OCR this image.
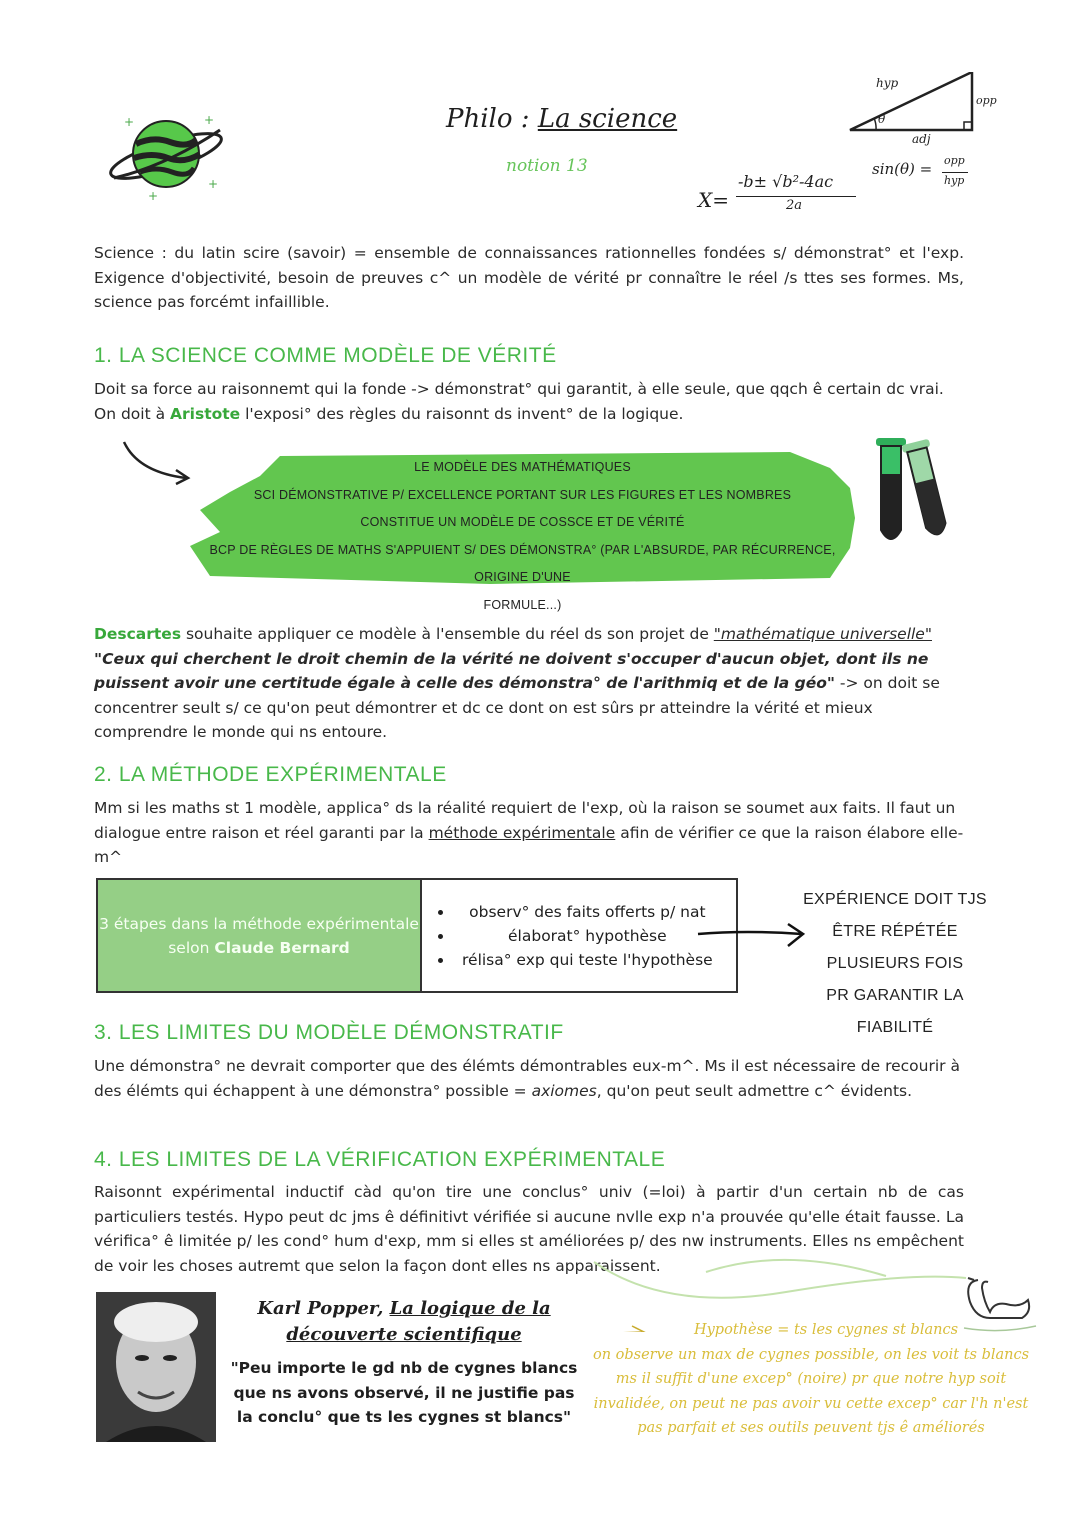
+	+
+
+
Philo : La science
notion 13
hyp
opp
adj
θ
sin(θ) = opp
hyp
X=
-b± √b²-4ac
2a
Science : du latin scire (savoir) = ensemble de connaissances rationnelles fondées s/ démonstrat° et l'exp. Exigence d'objectivité, besoin de preuves c^ un modèle de vérité pr connaître le réel /s ttes ses formes. Ms, science pas forcémt infaillible.
1. LA SCIENCE COMME MODÈLE DE VÉRITÉ
Doit sa force au raisonnemt qui la fonde -> démonstrat° qui garantit, à elle seule, que qqch ê certain dc vrai. On doit à Aristote l'exposi° des règles du raisonnt ds invent° de la logique.
LE MODÈLE DES MATHÉMATIQUES
SCI DÉMONSTRATIVE P/ EXCELLENCE PORTANT SUR LES FIGURES ET LES NOMBRES
CONSTITUE UN MODÈLE DE COSSCE ET DE VÉRITÉ
BCP DE RÈGLES DE MATHS S'APPUIENT S/ DES DÉMONSTRA° (PAR L'ABSURDE, PAR RÉCURRENCE, ORIGINE D'UNE
FORMULE...)
Descartes souhaite appliquer ce modèle à l'ensemble du réel ds son projet de "mathématique universelle"
"Ceux qui cherchent le droit chemin de la vérité ne doivent s'occuper d'aucun objet, dont ils ne puissent avoir une certitude égale à celle des démonstra° de l'arithmiq et de la géo" -> on doit se concentrer seult s/ ce qu'on peut démontrer et dc ce dont on est sûrs pr atteindre la vérité et mieux comprendre le monde qui ns entoure.
2. LA MÉTHODE EXPÉRIMENTALE
Mm si les maths st 1 modèle, applica° ds la réalité requiert de l'exp, où la raison se soumet aux faits. Il faut un dialogue entre raison et réel garanti par la méthode expérimentale afin de vérifier ce que la raison élabore elle-m^
3 étapes dans la méthode expérimentale selon Claude Bernard
• observ° des faits offerts p/ nat
• élaborat° hypothèse
• rélisa° exp qui teste l'hypothèse
EXPÉRIENCE DOIT TJS ÊTRE RÉPÉTÉE
PLUSIEURS FOIS
PR GARANTIR LA FIABILITÉ
3. LES LIMITES DU MODÈLE DÉMONSTRATIF
Une démonstra° ne devrait comporter que des élémts démontrables eux-m^. Ms il est nécessaire de recourir à des élémts qui échappent à une démonstra° possible = axiomes, qu'on peut seult admettre c^ évidents.
4. LES LIMITES DE LA VÉRIFICATION EXPÉRIMENTALE
Raisonnt expérimental inductif càd qu'on tire une conclus° univ (=loi) à partir d'un certain nb de cas particuliers testés. Hypo peut dc jms ê définitivt vérifiée si aucune nvlle exp n'a prouvée qu'elle était fausse. La vérifica° ê limitée p/ les cond° hum d'exp, mm si elles st améliorées p/ des nw instruments. Elles ns empêchent de voir les choses autremt que selon la façon dont elles ns apparaissent.
Karl Popper, La logique de la découverte scientifique
"Peu importe le gd nb de cygnes blancs que ns avons observé, il ne justifie pas la conclu° que ts les cygnes st blancs"
Hypothèse = ts les cygnes st blancs
on observe un max de cygnes possible, on les voit ts blancs
ms il suffit d'une excep° (noire) pr que notre hyp soit
invalidée, on peut ne pas avoir vu cette excep° car l'h n'est
pas parfait et ses outils peuvent tjs ê améliorés
